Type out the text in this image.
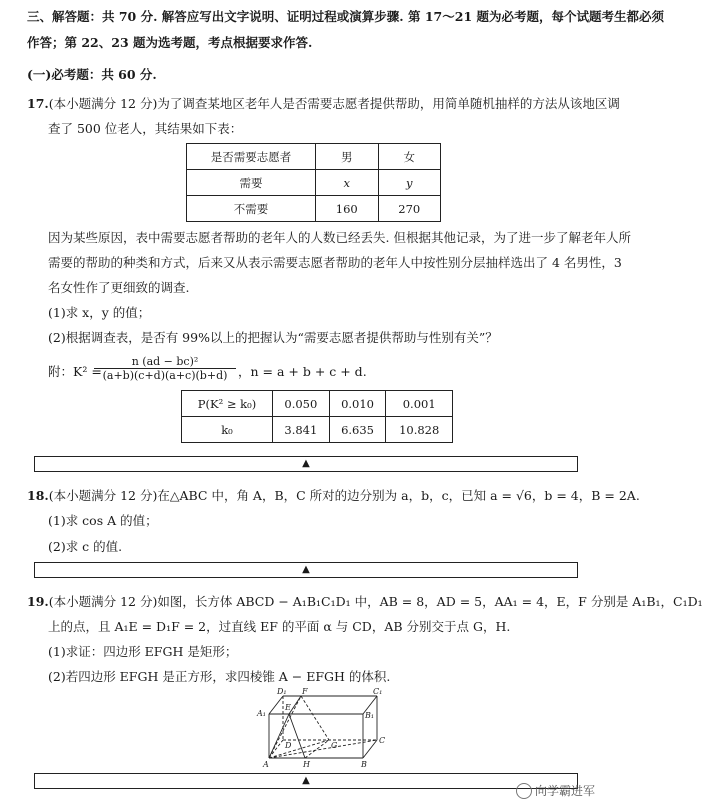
三、解答题：共 70 分. 解答应写出文字说明、证明过程或演算步骤. 第 17～21 题为必考题，每个试题考生都必须
作答；第 22、23 题为选考题，考点根据要求作答.
(一)必考题：共 60 分.
17.(本小题满分 12 分)为了调查某地区老年人是否需要志愿者提供帮助，用简单随机抽样的方法从该地区调
查了 500 位老人，其结果如下表：
是否需要志愿者	男	女
需要	x	y
不需要	160	270
因为某些原因，表中需要志愿者帮助的老年人的人数已经丢失. 但根据其他记录，为了进一步了解老年人所
需要的帮助的种类和方式，后来又从表示需要志愿者帮助的老年人中按性别分层抽样选出了 4 名男性，3
名女性作了更细致的调查.
(1)求 x，y 的值；
(2)根据调查表，是否有 99%以上的把握认为“需要志愿者提供帮助与性别有关”？
附：K² =
$\frac{\text{n (ad − bc)²}}{(a+b)(c+d)(a+c)(b+d)}$ ，n = a + b + c + d.
P(K² ≥ k₀)	0.050	0.010	0.001
k₀	3.841	6.635	10.828
▲
18.(本小题满分 12 分)在△ABC 中，角 A，B，C 所对的边分别为 a，b，c，已知 a = √6，b = 4，B = 2A.
(1)求 cos A 的值；
(2)求 c 的值.
▲
19.(本小题满分 12 分)如图，长方体 ABCD − A₁B₁C₁D₁ 中，AB = 8，AD = 5，AA₁ = 4，E，F 分别是 A₁B₁，C₁D₁
上的点，且 A₁E = D₁F = 2，过直线 EF 的平面 α 与 CD，AB 分别交于点 G，H.
(1)求证：四边形 EFGH 是矩形；
(2)若四边形 EFGH 是正方形，求四棱锥 A − EFGH 的体积.
D₁ F	C₁
A₁
E
B₁
D	G
C
A	H	B
▲
向学霸进军
